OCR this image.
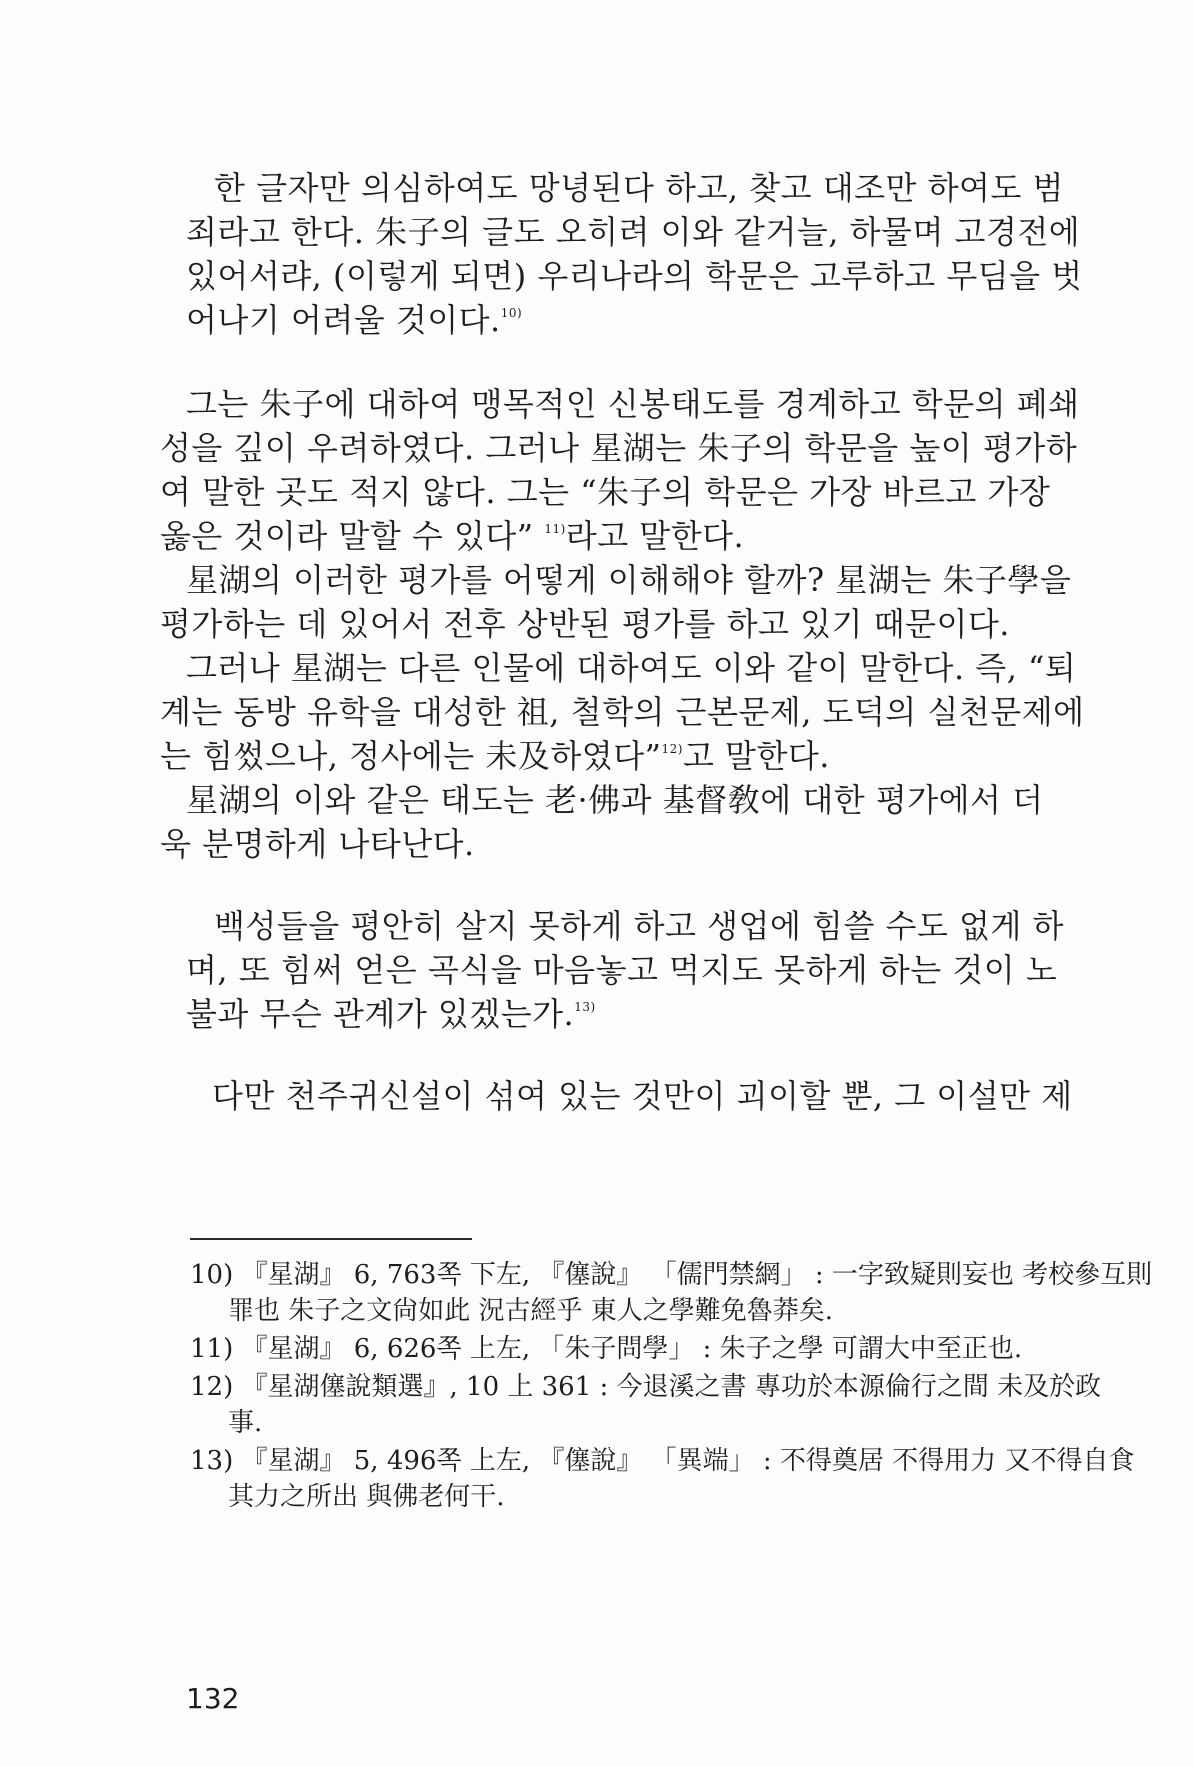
한 글자만 의심하여도 망녕된다 하고, 찾고 대조만 하여도 범
죄라고 한다. 朱子의 글도 오히려 이와 같거늘, 하물며 고경전에
있어서랴, (이렇게 되면) 우리나라의 학문은 고루하고 무딤을 벗
어나기 어려울 것이다.$^{10)}$
그는 朱子에 대하여 맹목적인 신봉태도를 경계하고 학문의 폐쇄
성을 깊이 우려하였다. 그러나 星湖는 朱子의 학문을 높이 평가하
여 말한 곳도 적지 않다. 그는 “朱子의 학문은 가장 바르고 가장
옳은 것이라 말할 수 있다” $^{11)}$라고 말한다.
星湖의 이러한 평가를 어떻게 이해해야 할까? 星湖는 朱子學을
평가하는 데 있어서 전후 상반된 평가를 하고 있기 때문이다.
그러나 星湖는 다른 인물에 대하여도 이와 같이 말한다. 즉, “퇴
계는 동방 유학을 대성한 祖, 철학의 근본문제, 도덕의 실천문제에
는 힘썼으나, 정사에는 未及하였다”$^{12)}$고 말한다.
星湖의 이와 같은 태도는 老·佛과 基督敎에 대한 평가에서 더
욱 분명하게 나타난다.
백성들을 평안히 살지 못하게 하고 생업에 힘쓸 수도 없게 하
며, 또 힘써 얻은 곡식을 마음놓고 먹지도 못하게 하는 것이 노
불과 무슨 관계가 있겠는가.$^{13)}$
다만 천주귀신설이 섞여 있는 것만이 괴이할 뿐, 그 이설만 제
10) 『星湖』 6, 763쪽 下左, 『僿說』 「儒門禁網」 : 一字致疑則妄也 考校參互則
罪也 朱子之文尙如此 況古經乎 東人之學難免魯莽矣.
11) 『星湖』 6, 626쪽 上左, 「朱子問學」 : 朱子之學 可謂大中至正也.
12) 『星湖僿說類選』, 10 上 361 : 今退溪之書 專功於本源倫行之間 未及於政
事.
13) 『星湖』 5, 496쪽 上左, 『僿說』 「異端」 : 不得奠居 不得用力 又不得自食
其力之所出 與佛老何干.
132
